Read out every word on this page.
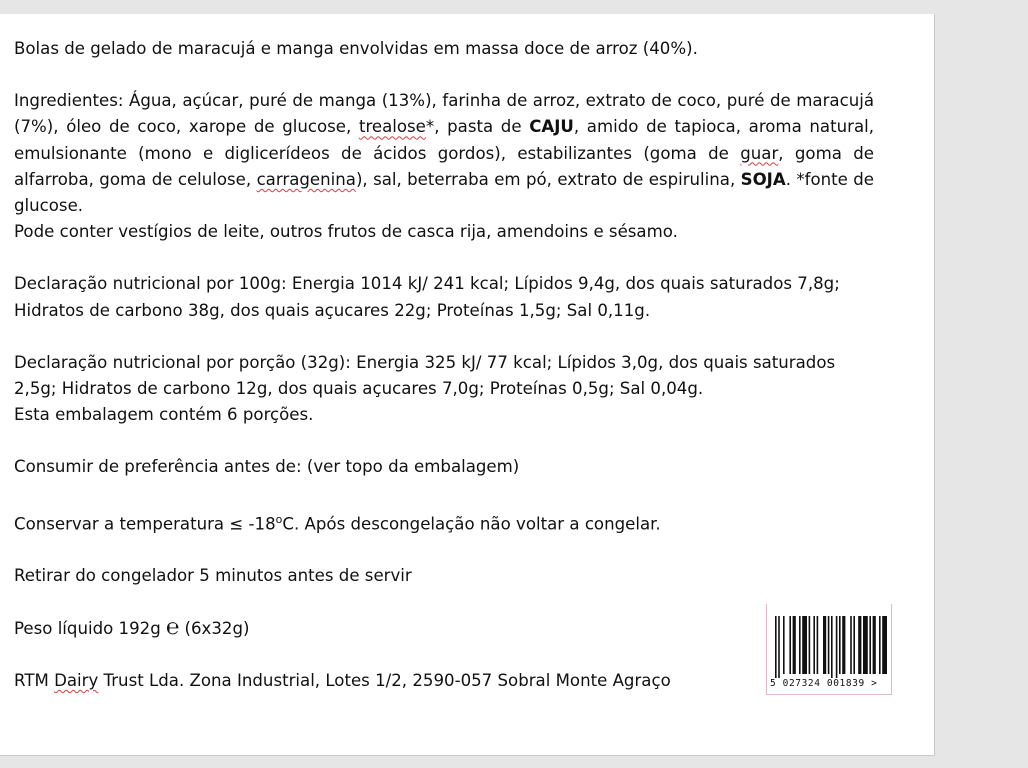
Bolas de gelado de maracujá e manga envolvidas em massa doce de arroz (40%).

Ingredientes: Água, açúcar, puré de manga (13%), farinha de arroz, extrato de coco, puré de maracujá (7%), óleo de coco, xarope de glucose, trealose*, pasta de CAJU, amido de tapioca, aroma natural, emulsionante (mono e diglicerídeos de ácidos gordos), estabilizantes (goma de guar, goma de alfarroba, goma de celulose, carragenina), sal, beterraba em pó, extrato de espirulina, SOJA. *fonte de glucose.

Pode conter vestígios de leite, outros frutos de casca rija, amendoins e sésamo.

Declaração nutricional por 100g: Energia 1014 kJ/ 241 kcal; Lípidos 9,4g, dos quais saturados 7,8g; Hidratos de carbono 38g, dos quais açucares 22g; Proteínas 1,5g; Sal 0,11g.

Declaração nutricional por porção (32g): Energia 325 kJ/ 77 kcal; Lípidos 3,0g, dos quais saturados 2,5g; Hidratos de carbono 12g, dos quais açucares 7,0g; Proteínas 0,5g; Sal 0,04g.

Esta embalagem contém 6 porções.

Consumir de preferência antes de: (ver topo da embalagem)

Conservar a temperatura ≤ $-18^oC$. Após descongelação não voltar a congelar.

Retirar do congelador 5 minutos antes de servir

Peso líquido 192g ℮ (6x32g)

RTM Dairy Trust Lda. Zona Industrial, Lotes 1/2, 2590-057 Sobral Monte Agraço	5 027324 001839 >
